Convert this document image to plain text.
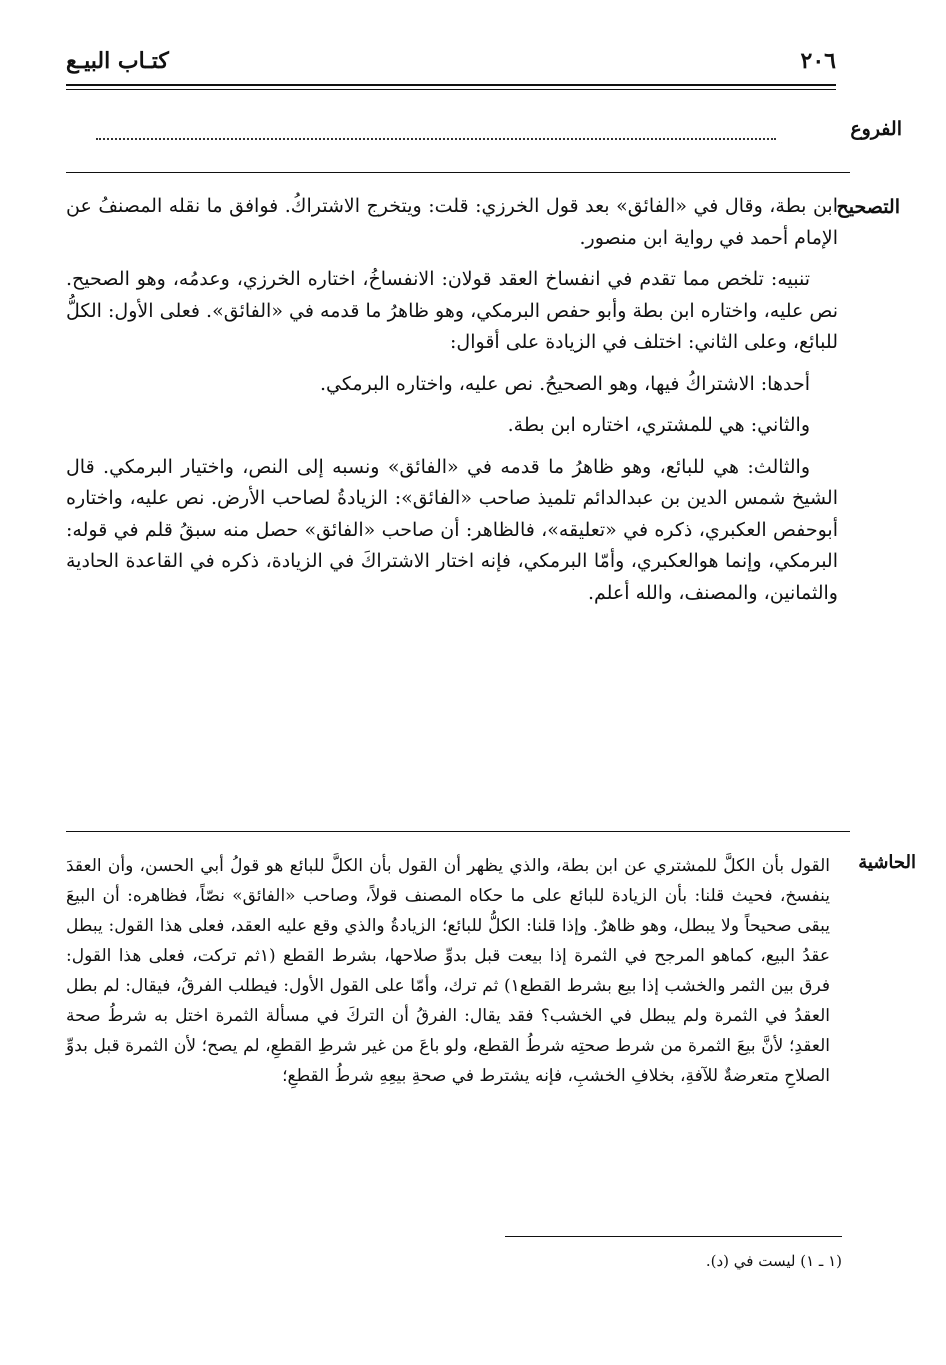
٢٠٦
كتـاب البيـع
الفروع
التصحيح

ابن بطة، وقال في «الفائق» بعد قول الخرزي: قلت: ويتخرج الاشتراكُ. فوافق ما نقله المصنفُ عن الإمام أحمد في رواية ابن منصور.

تنبيه: تلخص مما تقدم في انفساخ العقد قولان: الانفساخُ، اختاره الخرزي، وعدمُه، وهو الصحيح. نص عليه، واختاره ابن بطة وأبو حفص البرمكي، وهو ظاهرُ ما قدمه في «الفائق». فعلى الأول: الكلُّ للبائع، وعلى الثاني: اختلف في الزيادة على أقوال:

أحدها: الاشتراكُ فيها، وهو الصحيحُ. نص عليه، واختاره البرمكي.

والثاني: هي للمشتري، اختاره ابن بطة.

والثالث: هي للبائع، وهو ظاهرُ ما قدمه في «الفائق» ونسبه إلى النص، واختيار البرمكي. قال الشيخ شمس الدين بن عبدالدائم تلميذ صاحب «الفائق»: الزيادةُ لصاحب الأرض. نص عليه، واختاره أبوحفص العكبري، ذكره في «تعليقه»، فالظاهر: أن صاحب «الفائق» حصل منه سبقُ قلم في قوله: البرمكي، وإنما هوالعكبري، وأمّا البرمكي، فإنه اختار الاشتراكَ في الزيادة، ذكره في القاعدة الحادية والثمانين، والمصنف، والله أعلم.

الحاشية
القول بأن الكلَّ للمشتري عن ابن بطة، والذي يظهر أن القول بأن الكلَّ للبائع هو قولُ أبي الحسن، وأن العقدَ ينفسخ، فحيث قلنا: بأن الزيادة للبائع على ما حكاه المصنف قولاً، وصاحب «الفائق» نصّاً، فظاهره: أن البيعَ يبقى صحيحاً ولا يبطل، وهو ظاهرٌ. وإذا قلنا: الكلُّ للبائع؛ الزيادةُ والذي وقع عليه العقد، فعلى هذا القول: يبطل عقدُ البيع، كماهو المرجح في الثمرة إذا بيعت قبل بدوِّ صلاحها، بشرط القطع (١ثم تركت، فعلى هذا القول: فرق بين الثمر والخشب إذا بيع بشرط القطع١) ثم ترك، وأمّا على القول الأول: فيطلب الفرقُ، فيقال: لم بطل العقدُ في الثمرة ولم يبطل في الخشب؟ فقد يقال: الفرقُ أن التركَ في مسألة الثمرة اختل به شرطُ صحة العقدِ؛ لأنَّ بيعَ الثمرة من شرط صحتِه شرطُ القطع، ولو باعَ من غير شرطِ القطعِ، لم يصح؛ لأن الثمرة قبل بدوِّ الصلاحِ متعرضةٌ للآفةِ، بخلافِ الخشبِ، فإنه يشترط في صحةِ بيعِهِ شرطُ القطعِ؛
(١ ـ ١) ليست في (د).
